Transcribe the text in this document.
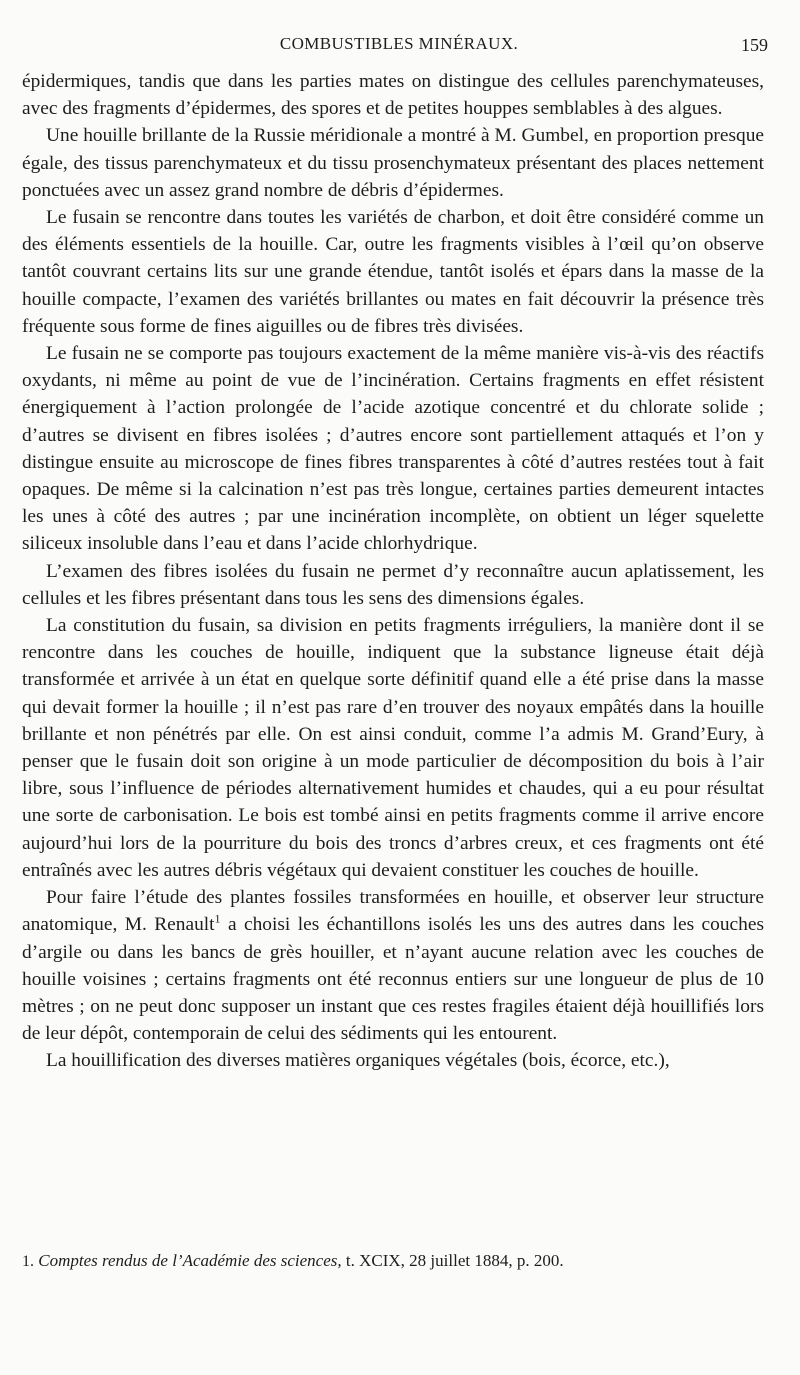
COMBUSTIBLES MINÉRAUX.	159

épidermiques, tandis que dans les parties mates on distingue des cellules parenchymateuses, avec des fragments d’épidermes, des spores et de petites houppes semblables à des algues.

Une houille brillante de la Russie méridionale a montré à M. Gumbel, en proportion presque égale, des tissus parenchymateux et du tissu prosenchymateux présentant des places nettement ponctuées avec un assez grand nombre de débris d’épidermes.

Le fusain se rencontre dans toutes les variétés de charbon, et doit être considéré comme un des éléments essentiels de la houille. Car, outre les fragments visibles à l’œil qu’on observe tantôt couvrant certains lits sur une grande étendue, tantôt isolés et épars dans la masse de la houille compacte, l’examen des variétés brillantes ou mates en fait découvrir la présence très fréquente sous forme de fines aiguilles ou de fibres très divisées.

Le fusain ne se comporte pas toujours exactement de la même manière vis-à-vis des réactifs oxydants, ni même au point de vue de l’incinération. Certains fragments en effet résistent énergiquement à l’action prolongée de l’acide azotique concentré et du chlorate solide ; d’autres se divisent en fibres isolées ; d’autres encore sont partiellement attaqués et l’on y distingue ensuite au microscope de fines fibres transparentes à côté d’autres restées tout à fait opaques. De même si la calcination n’est pas très longue, certaines parties demeurent intactes les unes à côté des autres ; par une incinération incomplète, on obtient un léger squelette siliceux insoluble dans l’eau et dans l’acide chlorhydrique.

L’examen des fibres isolées du fusain ne permet d’y reconnaître aucun aplatissement, les cellules et les fibres présentant dans tous les sens des dimensions égales.

La constitution du fusain, sa division en petits fragments irréguliers, la manière dont il se rencontre dans les couches de houille, indiquent que la substance ligneuse était déjà transformée et arrivée à un état en quelque sorte définitif quand elle a été prise dans la masse qui devait former la houille ; il n’est pas rare d’en trouver des noyaux empâtés dans la houille brillante et non pénétrés par elle. On est ainsi conduit, comme l’a admis M. Grand’Eury, à penser que le fusain doit son origine à un mode particulier de décomposition du bois à l’air libre, sous l’influence de périodes alternativement humides et chaudes, qui a eu pour résultat une sorte de carbonisation. Le bois est tombé ainsi en petits fragments comme il arrive encore aujourd’hui lors de la pourriture du bois des troncs d’arbres creux, et ces fragments ont été entraînés avec les autres débris végétaux qui devaient constituer les couches de houille.

Pour faire l’étude des plantes fossiles transformées en houille, et observer leur structure anatomique, M. Renault$^1$ a choisi les échantillons isolés les uns des autres dans les couches d’argile ou dans les bancs de grès houiller, et n’ayant aucune relation avec les couches de houille voisines ; certains fragments ont été reconnus entiers sur une longueur de plus de 10 mètres ; on ne peut donc supposer un instant que ces restes fragiles étaient déjà houillifiés lors de leur dépôt, contemporain de celui des sédiments qui les entourent.

La houillification des diverses matières organiques végétales (bois, écorce, etc.),

1. Comptes rendus de l’Académie des sciences, t. XCIX, 28 juillet 1884, p. 200.
